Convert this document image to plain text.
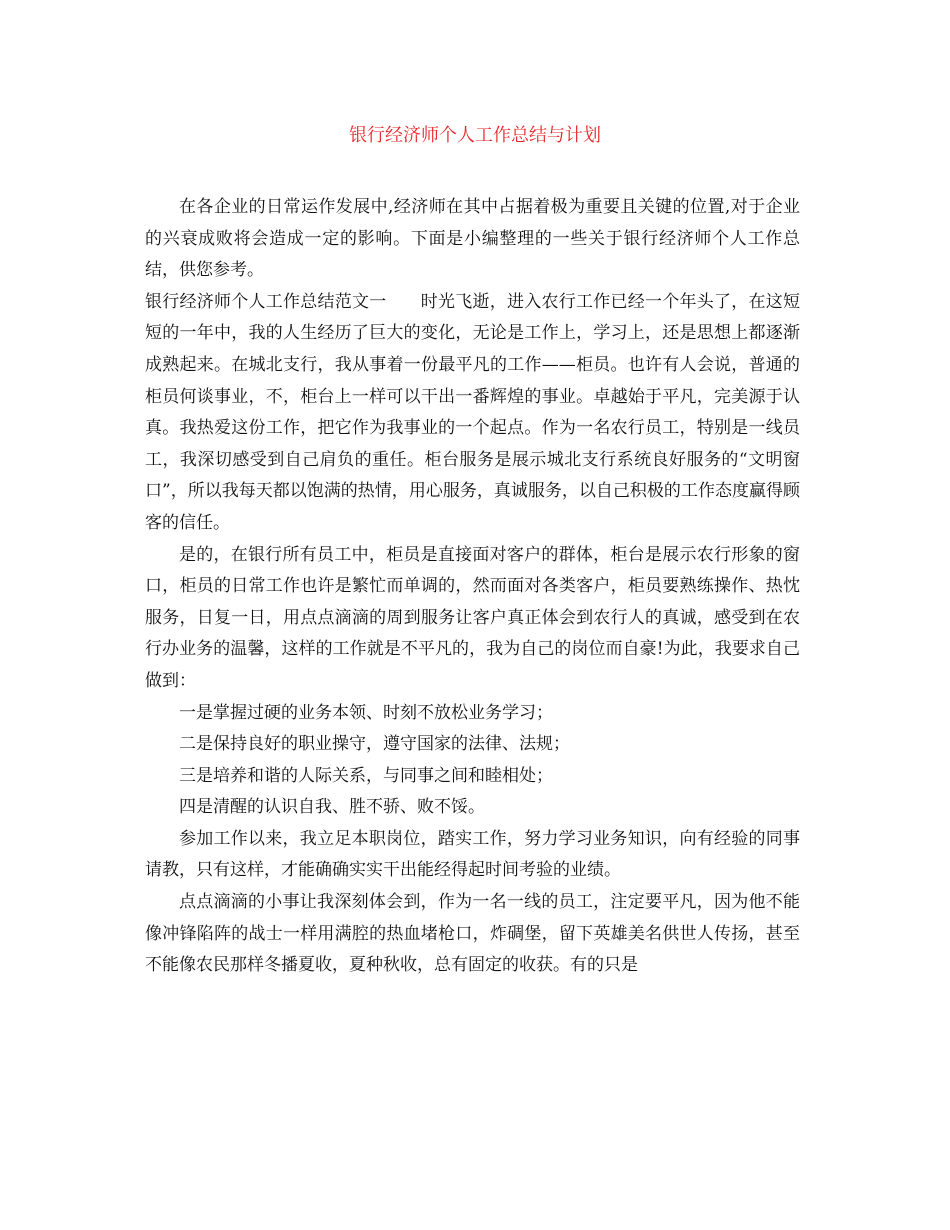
银行经济师个人工作总结与计划

在各企业的日常运作发展中,经济师在其中占据着极为重要且关键的位置,对于企业的兴衰成败将会造成一定的影响。下面是小编整理的一些关于银行经济师个人工作总结，供您参考。

银行经济师个人工作总结范文一 时光飞逝，进入农行工作已经一个年头了，在这短短的一年中，我的人生经历了巨大的变化，无论是工作上，学习上，还是思想上都逐渐成熟起来。在城北支行，我从事着一份最平凡的工作——柜员。也许有人会说，普通的柜员何谈事业，不，柜台上一样可以干出一番辉煌的事业。卓越始于平凡，完美源于认真。我热爱这份工作，把它作为我事业的一个起点。作为一名农行员工，特别是一线员工，我深切感受到自己肩负的重任。柜台服务是展示城北支行系统良好服务的“文明窗口”，所以我每天都以饱满的热情，用心服务，真诚服务，以自己积极的工作态度赢得顾客的信任。

是的，在银行所有员工中，柜员是直接面对客户的群体，柜台是展示农行形象的窗口，柜员的日常工作也许是繁忙而单调的，然而面对各类客户，柜员要熟练操作、热忱服务，日复一日，用点点滴滴的周到服务让客户真正体会到农行人的真诚，感受到在农行办业务的温馨，这样的工作就是不平凡的，我为自己的岗位而自豪!为此，我要求自己做到：

一是掌握过硬的业务本领、时刻不放松业务学习；

二是保持良好的职业操守，遵守国家的法律、法规；

三是培养和谐的人际关系，与同事之间和睦相处；

四是清醒的认识自我、胜不骄、败不馁。

参加工作以来，我立足本职岗位，踏实工作，努力学习业务知识，向有经验的同事请教，只有这样，才能确确实实干出能经得起时间考验的业绩。

点点滴滴的小事让我深刻体会到，作为一名一线的员工，注定要平凡，因为他不能像冲锋陷阵的战士一样用满腔的热血堵枪口，炸碉堡，留下英雄美名供世人传扬，甚至不能像农民那样冬播夏收，夏种秋收，总有固定的收获。有的只是
